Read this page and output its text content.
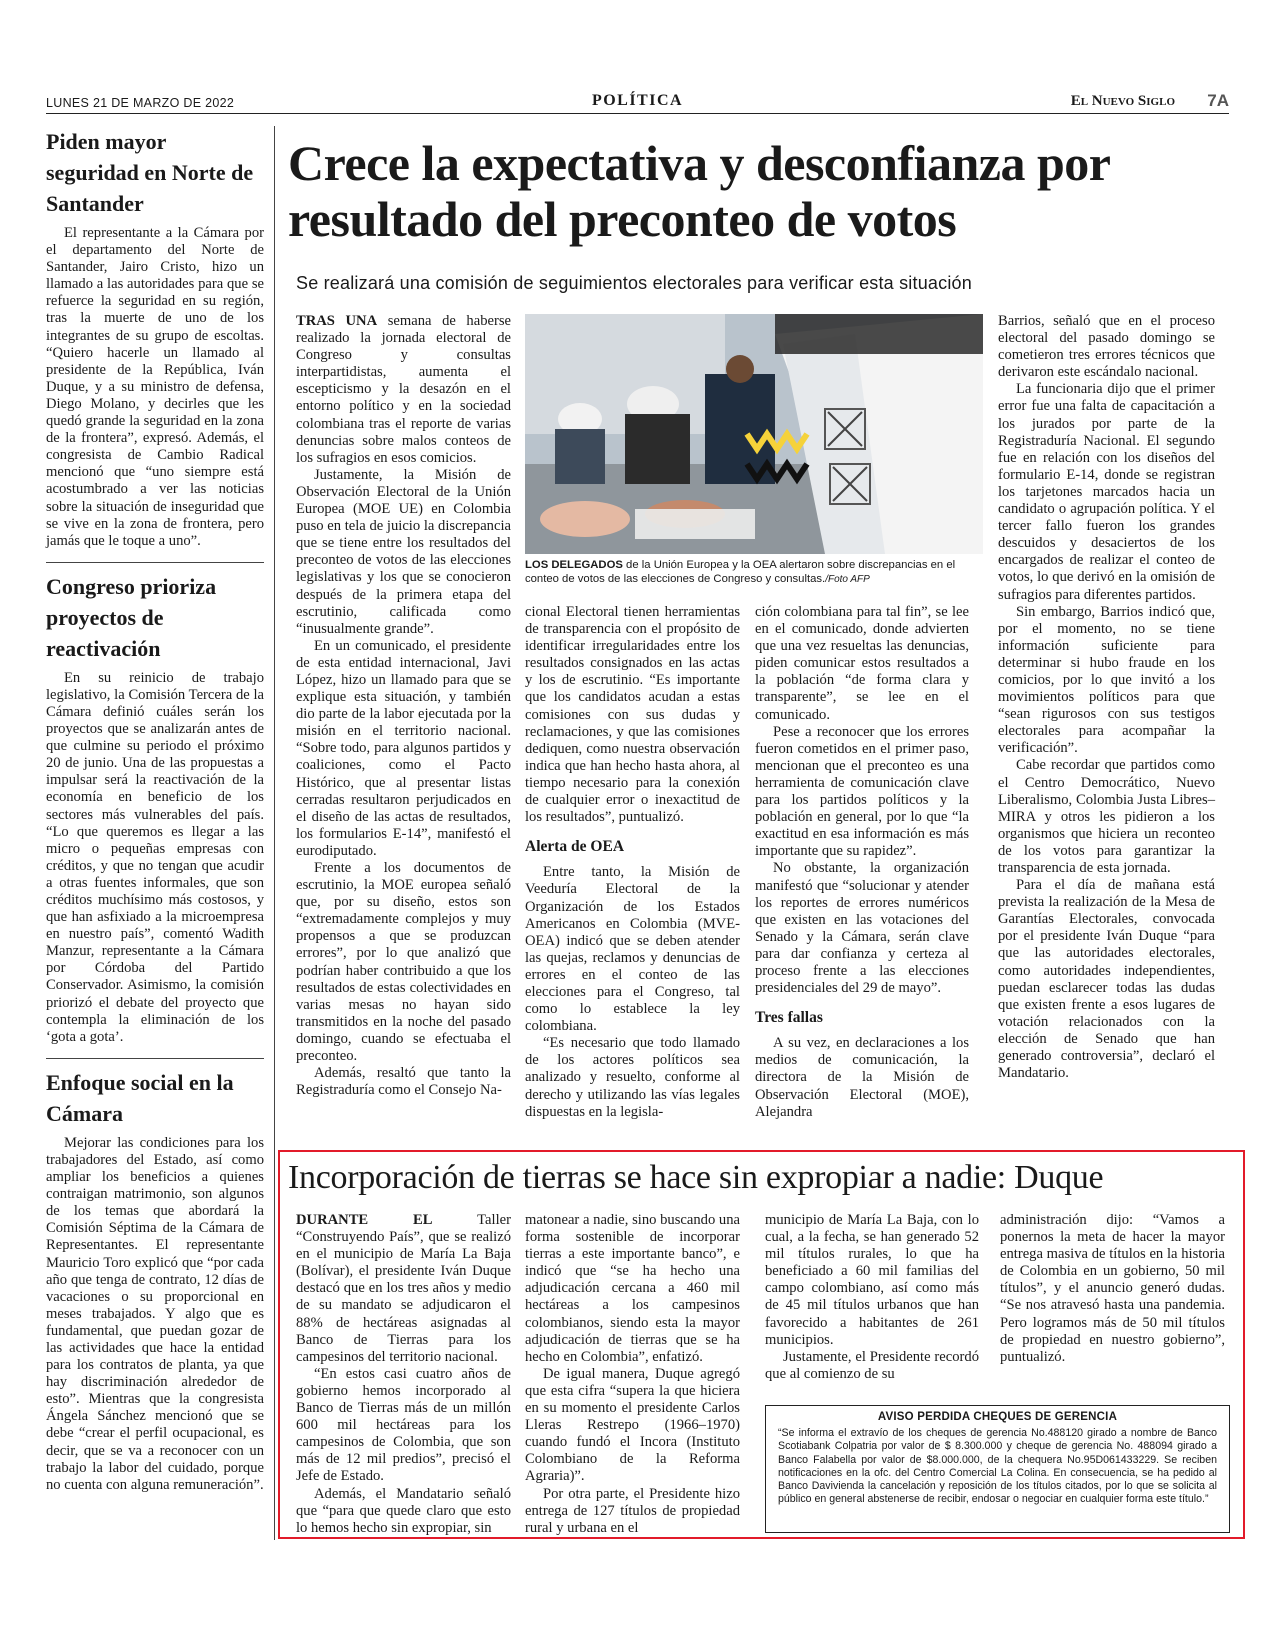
LUNES 21 DE MARZO DE 2022	POLÍTICA	El Nuevo Siglo 7A
Piden mayor seguridad en Norte de Santander

El representante a la Cámara por el departamento del Norte de Santander, Jairo Cristo, hizo un llamado a las autoridades para que se refuerce la seguridad en su región, tras la muerte de uno de los integrantes de su grupo de escoltas. “Quiero hacerle un llamado al presidente de la República, Iván Duque, y a su ministro de defensa, Diego Molano, y decirles que les quedó grande la seguridad en la zona de la frontera”, expresó. Además, el congresista de Cambio Radical mencionó que “uno siempre está acostumbrado a ver las noticias sobre la situación de inseguridad que se vive en la zona de frontera, pero jamás que le toque a uno”.

Congreso prioriza proyectos de reactivación

En su reinicio de trabajo legislativo, la Comisión Tercera de la Cámara definió cuáles serán los proyectos que se analizarán antes de que culmine su periodo el próximo 20 de junio. Una de las propuestas a impulsar será la reactivación de la economía en beneficio de los sectores más vulnerables del país. “Lo que queremos es llegar a las micro o pequeñas empresas con créditos, y que no tengan que acudir a otras fuentes informales, que son créditos muchísimo más costosos, y que han asfixiado a la microempresa en nuestro país”, comentó Wadith Manzur, representante a la Cámara por Córdoba del Partido Conservador. Asimismo, la comisión priorizó el debate del proyecto que contempla la eliminación de los ‘gota a gota’.

Enfoque social en la Cámara

Mejorar las condiciones para los trabajadores del Estado, así como ampliar los beneficios a quienes contraigan matrimonio, son algunos de los temas que abordará la Comisión Séptima de la Cámara de Representantes. El representante Mauricio Toro explicó que “por cada año que tenga de contrato, 12 días de vacaciones o su proporcional en meses trabajados. Y algo que es fundamental, que puedan gozar de las actividades que hace la entidad para los contratos de planta, ya que hay discriminación alrededor de esto”. Mientras que la congresista Ángela Sánchez mencionó que se debe “crear el perfil ocupacional, es decir, que se va a reconocer con un trabajo la labor del cuidado, porque no cuenta con alguna remuneración”.

Crece la expectativa y desconfianza por resultado del preconteo de votos
Se realizará una comisión de seguimientos electorales para verificar esta situación

TRAS UNA semana de haberse realizado la jornada electoral de Congreso y consultas interpartidistas, aumenta el escepticismo y la desazón en el entorno político y en la sociedad colombiana tras el reporte de varias denuncias sobre malos conteos de los sufragios en esos comicios.

Justamente, la Misión de Observación Electoral de la Unión Europea (MOE UE) en Colombia puso en tela de juicio la discrepancia que se tiene entre los resultados del preconteo de votos de las elecciones legislativas y los que se conocieron después de la primera etapa del escrutinio, calificada como “inusualmente grande”.

En un comunicado, el presidente de esta entidad internacional, Javi López, hizo un llamado para que se explique esta situación, y también dio parte de la labor ejecutada por la misión en el territorio nacional. “Sobre todo, para algunos partidos y coaliciones, como el Pacto Histórico, que al presentar listas cerradas resultaron perjudicados en el diseño de las actas de resultados, los formularios E-14”, manifestó el eurodiputado.

Frente a los documentos de escrutinio, la MOE europea señaló que, por su diseño, estos son “extremadamente complejos y muy propensos a que se produzcan errores”, por lo que analizó que podrían haber contribuido a que los resultados de estas colectividades en varias mesas no hayan sido transmitidos en la noche del pasado domingo, cuando se efectuaba el preconteo.

Además, resaltó que tanto la Registraduría como el Consejo Na-

LOS DELEGADOS de la Unión Europea y la OEA alertaron sobre discrepancias en el conteo de votos de las elecciones de Congreso y consultas./Foto AFP

cional Electoral tienen herramientas de transparencia con el propósito de identificar irregularidades entre los resultados consignados en las actas y los de escrutinio. “Es importante que los candidatos acudan a estas comisiones con sus dudas y reclamaciones, y que las comisiones dediquen, como nuestra observación indica que han hecho hasta ahora, al tiempo necesario para la conexión de cualquier error o inexactitud de los resultados”, puntualizó.

Alerta de OEA

Entre tanto, la Misión de Veeduría Electoral de la Organización de los Estados Americanos en Colombia (MVE-OEA) indicó que se deben atender las quejas, reclamos y denuncias de errores en el conteo de las elecciones para el Congreso, tal como lo establece la ley colombiana.

“Es necesario que todo llamado de los actores políticos sea analizado y resuelto, conforme al derecho y utilizando las vías legales dispuestas en la legisla-

ción colombiana para tal fin”, se lee en el comunicado, donde advierten que una vez resueltas las denuncias, piden comunicar estos resultados a la población “de forma clara y transparente”, se lee en el comunicado.

Pese a reconocer que los errores fueron cometidos en el primer paso, mencionan que el preconteo es una herramienta de comunicación clave para los partidos políticos y la población en general, por lo que “la exactitud en esa información es más importante que su rapidez”.

No obstante, la organización manifestó que “solucionar y atender los reportes de errores numéricos que existen en las votaciones del Senado y la Cámara, serán clave para dar confianza y certeza al proceso frente a las elecciones presidenciales del 29 de mayo”.

Tres fallas

A su vez, en declaraciones a los medios de comunicación, la directora de la Misión de Observación Electoral (MOE), Alejandra

Barrios, señaló que en el proceso electoral del pasado domingo se cometieron tres errores técnicos que derivaron este escándalo nacional.

La funcionaria dijo que el primer error fue una falta de capacitación a los jurados por parte de la Registraduría Nacional. El segundo fue en relación con los diseños del formulario E-14, donde se registran los tarjetones marcados hacia un candidato o agrupación política. Y el tercer fallo fueron los grandes descuidos y desaciertos de los encargados de realizar el conteo de votos, lo que derivó en la omisión de sufragios para diferentes partidos.

Sin embargo, Barrios indicó que, por el momento, no se tiene información suficiente para determinar si hubo fraude en los comicios, por lo que invitó a los movimientos políticos para que “sean rigurosos con sus testigos electorales para acompañar la verificación”.

Cabe recordar que partidos como el Centro Democrático, Nuevo Liberalismo, Colombia Justa Libres–MIRA y otros les pidieron a los organismos que hiciera un reconteo de los votos para garantizar la transparencia de esta jornada.

Para el día de mañana está prevista la realización de la Mesa de Garantías Electorales, convocada por el presidente Iván Duque “para que las autoridades electorales, como autoridades independientes, puedan esclarecer todas las dudas que existen frente a esos lugares de votación relacionados con la elección de Senado que han generado controversia”, declaró el Mandatario.

Incorporación de tierras se hace sin expropiar a nadie: Duque

DURANTE EL Taller “Construyendo País”, que se realizó en el municipio de María La Baja (Bolívar), el presidente Iván Duque destacó que en los tres años y medio de su mandato se adjudicaron el 88% de hectáreas asignadas al Banco de Tierras para los campesinos del territorio nacional.

“En estos casi cuatro años de gobierno hemos incorporado al Banco de Tierras más de un millón 600 mil hectáreas para los campesinos de Colombia, que son más de 12 mil predios”, precisó el Jefe de Estado.

Además, el Mandatario señaló que “para que quede claro que esto lo hemos hecho sin expropiar, sin

matonear a nadie, sino buscando una forma sostenible de incorporar tierras a este importante banco”, e indicó que “se ha hecho una adjudicación cercana a 460 mil hectáreas a los campesinos colombianos, siendo esta la mayor adjudicación de tierras que se ha hecho en Colombia”, enfatizó.

De igual manera, Duque agregó que esta cifra “supera la que hiciera en su momento el presidente Carlos Lleras Restrepo (1966–1970) cuando fundó el Incora (Instituto Colombiano de la Reforma Agraria)”.

Por otra parte, el Presidente hizo entrega de 127 títulos de propiedad rural y urbana en el

municipio de María La Baja, con lo cual, a la fecha, se han generado 52 mil títulos rurales, lo que ha beneficiado a 60 mil familias del campo colombiano, así como más de 45 mil títulos urbanos que han favorecido a habitantes de 261 municipios.

Justamente, el Presidente recordó que al comienzo de su

administración dijo: “Vamos a ponernos la meta de hacer la mayor entrega masiva de títulos en la historia de Colombia en un gobierno, 50 mil títulos”, y el anuncio generó dudas. “Se nos atravesó hasta una pandemia. Pero logramos más de 50 mil títulos de propiedad en nuestro gobierno”, puntualizó.

AVISO PERDIDA CHEQUES DE GERENCIA
“Se informa el extravío de los cheques de gerencia No.488120 girado a nombre de Banco Scotiabank Colpatria por valor de $ 8.300.000 y cheque de gerencia No. 488094 girado a Banco Falabella por valor de $8.000.000, de la chequera No.95D061433229. Se reciben notificaciones en la ofc. del Centro Comercial La Colina. En consecuencia, se ha pedido al Banco Davivienda la cancelación y reposición de los títulos citados, por lo que se solicita al público en general abstenerse de recibir, endosar o negociar en cualquier forma este título.”
